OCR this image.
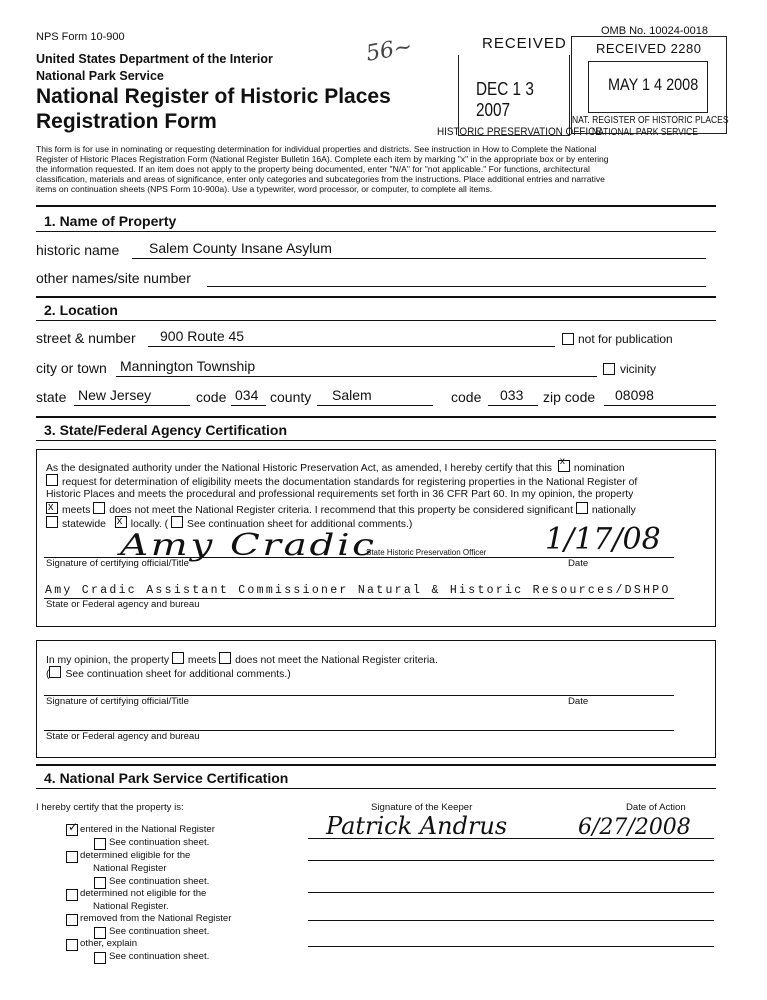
NPS Form 10-900	OMB No. 10024-0018
United States Department of the Interior
National Park Service
National Register of Historic Places
Registration Form
56~	RECEIVED
DEC 1 3 2007
HISTORIC PRESERVATION OFFICE
RECEIVED 2280
MAY 1 4 2008
NAT. REGISTER OF HISTORIC PLACES
NATIONAL PARK SERVICE
This form is for use in nominating or requesting determination for individual properties and districts. See instruction in How to Complete the National
Register of Historic Places Registration Form (National Register Bulletin 16A). Complete each item by marking "x" in the appropriate box or by entering
the information requested. If an item does not apply to the property being documented, enter "N/A" for "not applicable." For functions, architectural
classification, materials and areas of significance, enter only categories and subcategories from the instructions. Place additional entries and narrative
items on continuation sheets (NPS Form 10-900a). Use a typewriter, word processor, or computer, to complete all items.
1. Name of Property
historic name Salem County Insane Asylum
other names/site number
2. Location
street & number 900 Route 45	not for publication
city or town Mannington Township	vicinity
state New Jersey	code 034 county Salem	code 033 zip code 08098
3. State/Federal Agency Certification
As the designated authority under the National Historic Preservation Act, as amended, I hereby certify that this
x
nomination
request for determination of eligibility meets the documentation standards for registering properties in the National Register of
Historic Places and meets the procedural and professional requirements set forth in 36 CFR Part 60. In my opinion, the property
x meets does not meet the National Register criteria. I recommend that this property be considered significant nationally
statewide x locally. ( See continuation sheet for additional comments.)
Amy Cradic
Signature of certifying official/Title
State Historic Preservation Officer 1/17/08
Date
Amy Cradic Assistant Commissioner Natural & Historic Resources/DSHPO
State or Federal agency and bureau
In my opinion, the property meets does not meet the National Register criteria.
( See continuation sheet for additional comments.)
Signature of certifying official/Title	Date
State or Federal agency and bureau
4. National Park Service Certification
I hereby certify that the property is:	Signature of the Keeper	Date of Action
Patrick Andrus	6/27/2008
✓ entered in the National Register
See continuation sheet.
determined eligible for the
National Register
See continuation sheet.
determined not eligible for the
National Register.
removed from the National Register
See continuation sheet.
other, explain
See continuation sheet.
